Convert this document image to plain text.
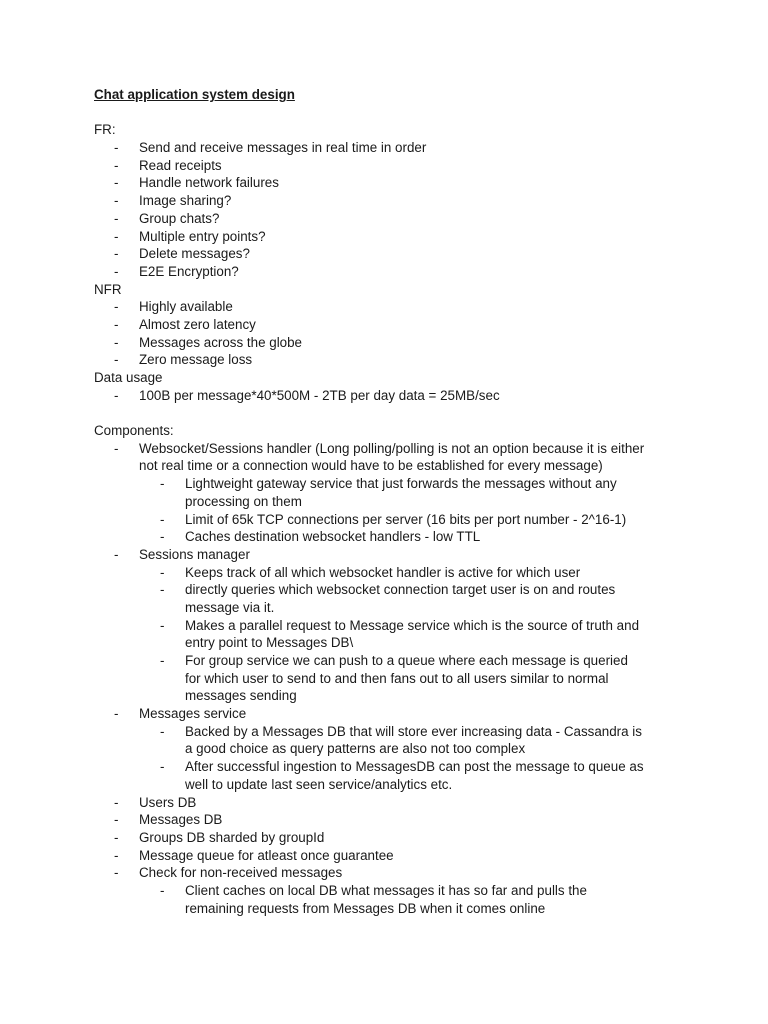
Chat application system design
FR:
- Send and receive messages in real time in order
- Read receipts
- Handle network failures
- Image sharing?
- Group chats?
- Multiple entry points?
- Delete messages?
- E2E Encryption?
NFR
- Highly available
- Almost zero latency
- Messages across the globe
- Zero message loss
Data usage
- 100B per message*40*500M - 2TB per day data = 25MB/sec
Components:
- Websocket/Sessions handler (Long polling/polling is not an option because it is either
not real time or a connection would have to be established for every message)
- Lightweight gateway service that just forwards the messages without any
processing on them
- Limit of 65k TCP connections per server (16 bits per port number - 2^16-1)
- Caches destination websocket handlers - low TTL
- Sessions manager
- Keeps track of all which websocket handler is active for which user
- directly queries which websocket connection target user is on and routes
message via it.
- Makes a parallel request to Message service which is the source of truth and
entry point to Messages DB\
- For group service we can push to a queue where each message is queried
for which user to send to and then fans out to all users similar to normal
messages sending
- Messages service
- Backed by a Messages DB that will store ever increasing data - Cassandra is
a good choice as query patterns are also not too complex
- After successful ingestion to MessagesDB can post the message to queue as
well to update last seen service/analytics etc.
- Users DB
- Messages DB
- Groups DB sharded by groupId
- Message queue for atleast once guarantee
- Check for non-received messages
- Client caches on local DB what messages it has so far and pulls the
remaining requests from Messages DB when it comes online
